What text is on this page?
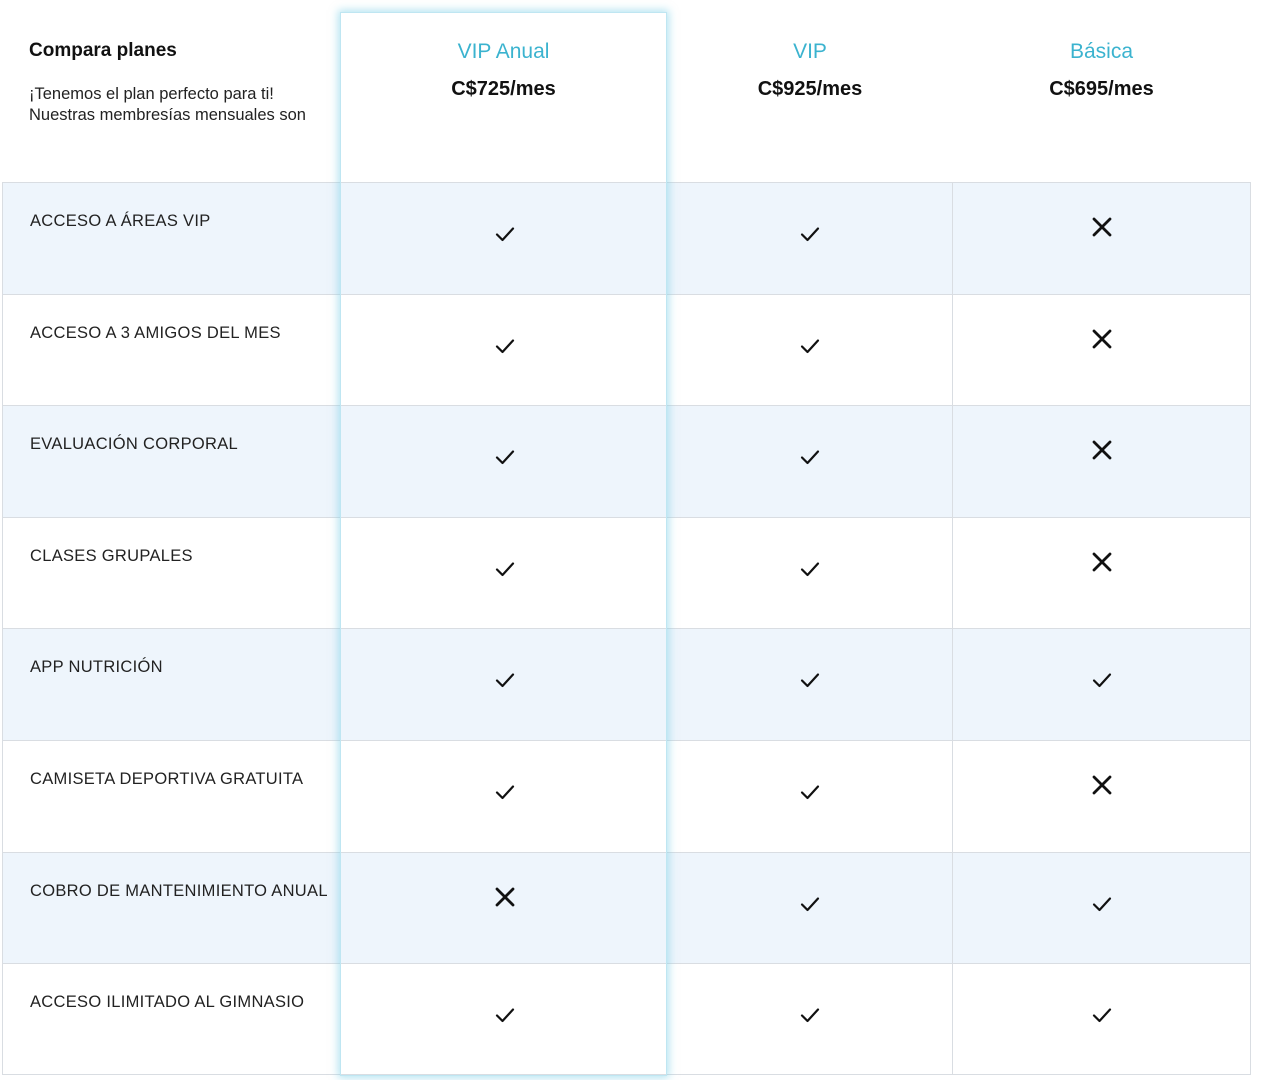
Compara planes
¡Tenemos el plan perfecto para ti! Nuestras membresías mensuales son
VIP Anual
C$725/mes
VIP
C$925/mes
Básica
C$695/mes
ACCESO A ÁREAS VIP
ACCESO A 3 AMIGOS DEL MES
EVALUACIÓN CORPORAL
CLASES GRUPALES
APP NUTRICIÓN
CAMISETA DEPORTIVA GRATUITA
COBRO DE MANTENIMIENTO ANUAL
ACCESO ILIMITADO AL GIMNASIO
